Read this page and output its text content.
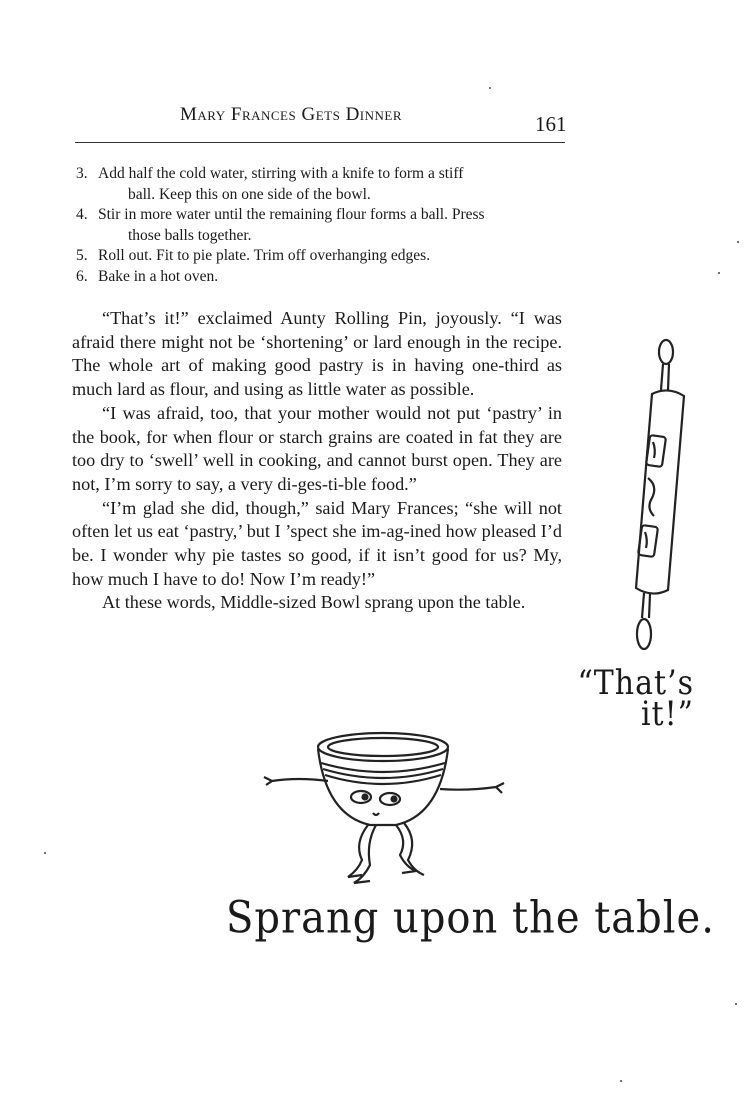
Mary Frances Gets Dinner	161
3. Add half the cold water, stirring with a knife to form a stiff
ball. Keep this on one side of the bowl.
4. Stir in more water until the remaining flour forms a ball. Press
those balls together.
5. Roll out. Fit to pie plate. Trim off overhanging edges.
6. Bake in a hot oven.

“That’s it!” exclaimed Aunty Rolling Pin, joyously. “I was afraid there might not be ‘shortening’ or lard enough in the recipe. The whole art of making good pastry is in having one-third as much lard as flour, and using as little water as possible.

“I was afraid, too, that your mother would not put ‘pastry’ in the book, for when flour or starch grains are coated in fat they are too dry to ‘swell’ well in cooking, and cannot burst open. They are not, I’m sorry to say, a very di-ges-ti-ble food.”

“I’m glad she did, though,” said Mary Frances; “she will not often let us eat ‘pastry,’ but I ’spect she im-ag-ined how pleased I’d be. I wonder why pie tastes so good, if it isn’t good for us? My, how much I have to do! Now I’m ready!”

At these words, Middle-sized Bowl sprang upon the table.

“That’s
it!”
Sprang upon the table.
